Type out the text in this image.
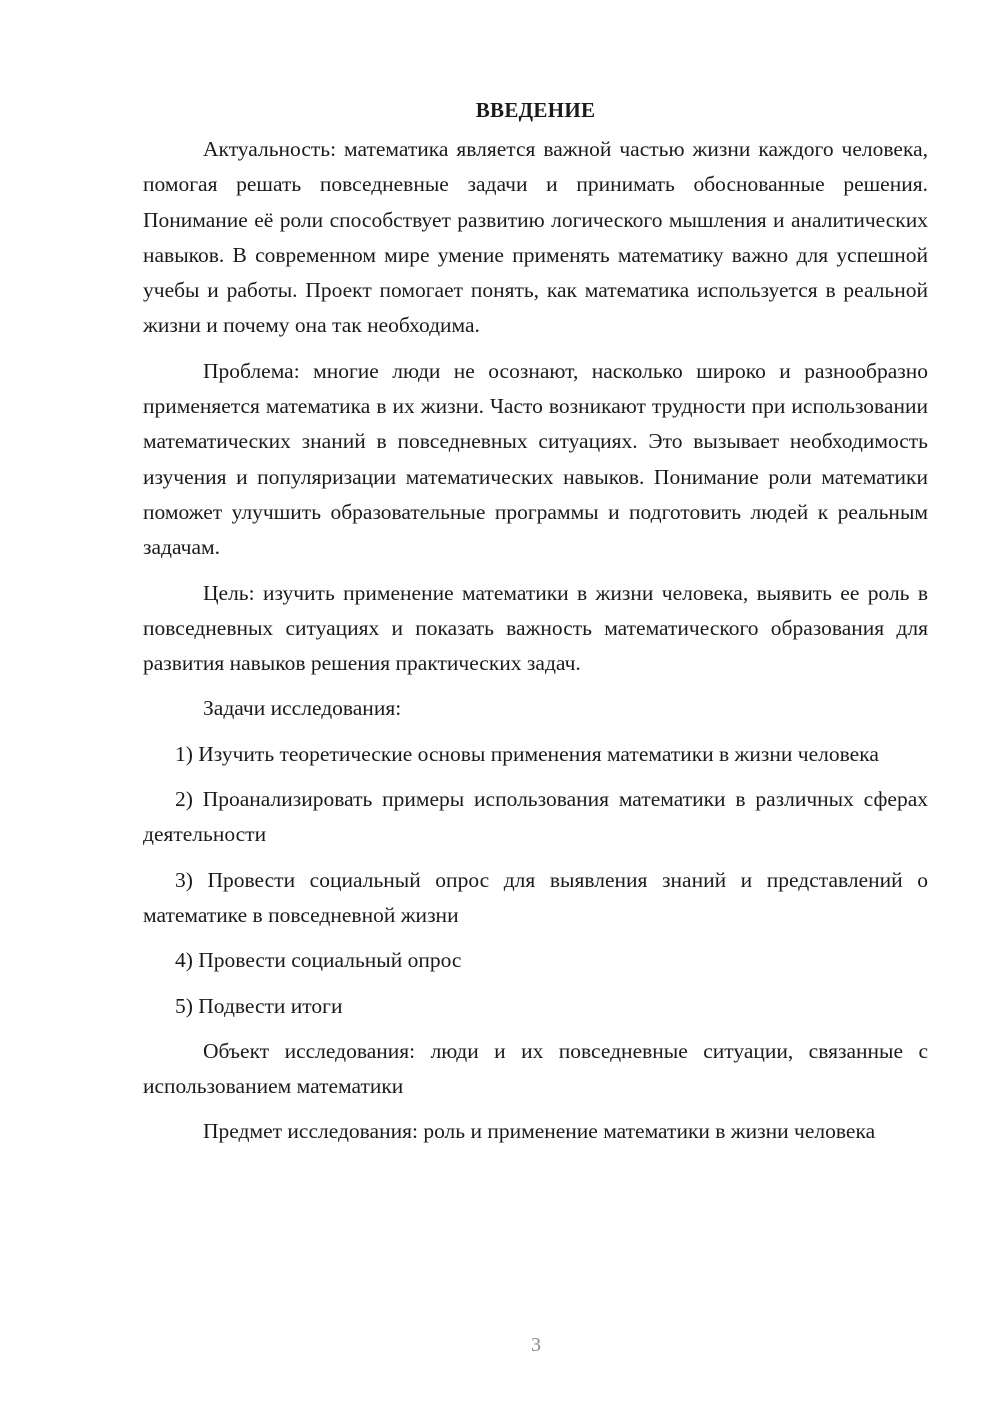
ВВЕДЕНИЕ

Актуальность: математика является важной частью жизни каждого человека, помогая решать повседневные задачи и принимать обоснованные решения. Понимание её роли способствует развитию логического мышления и аналитических навыков. В современном мире умение применять математику важно для успешной учебы и работы. Проект помогает понять, как математика используется в реальной жизни и почему она так необходима.

Проблема: многие люди не осознают, насколько широко и разнообразно применяется математика в их жизни. Часто возникают трудности при использовании математических знаний в повседневных ситуациях. Это вызывает необходимость изучения и популяризации математических навыков. Понимание роли математики поможет улучшить образовательные программы и подготовить людей к реальным задачам.

Цель: изучить применение математики в жизни человека, выявить ее роль в повседневных ситуациях и показать важность математического образования для развития навыков решения практических задач.

Задачи исследования:

1) Изучить теоретические основы применения математики в жизни человека

2) Проанализировать примеры использования математики в различных сферах деятельности

3) Провести социальный опрос для выявления знаний и представлений о математике в повседневной жизни

4) Провести социальный опрос

5) Подвести итоги

Объект исследования: люди и их повседневные ситуации, связанные с использованием математики

Предмет исследования: роль и применение математики в жизни человека

3
